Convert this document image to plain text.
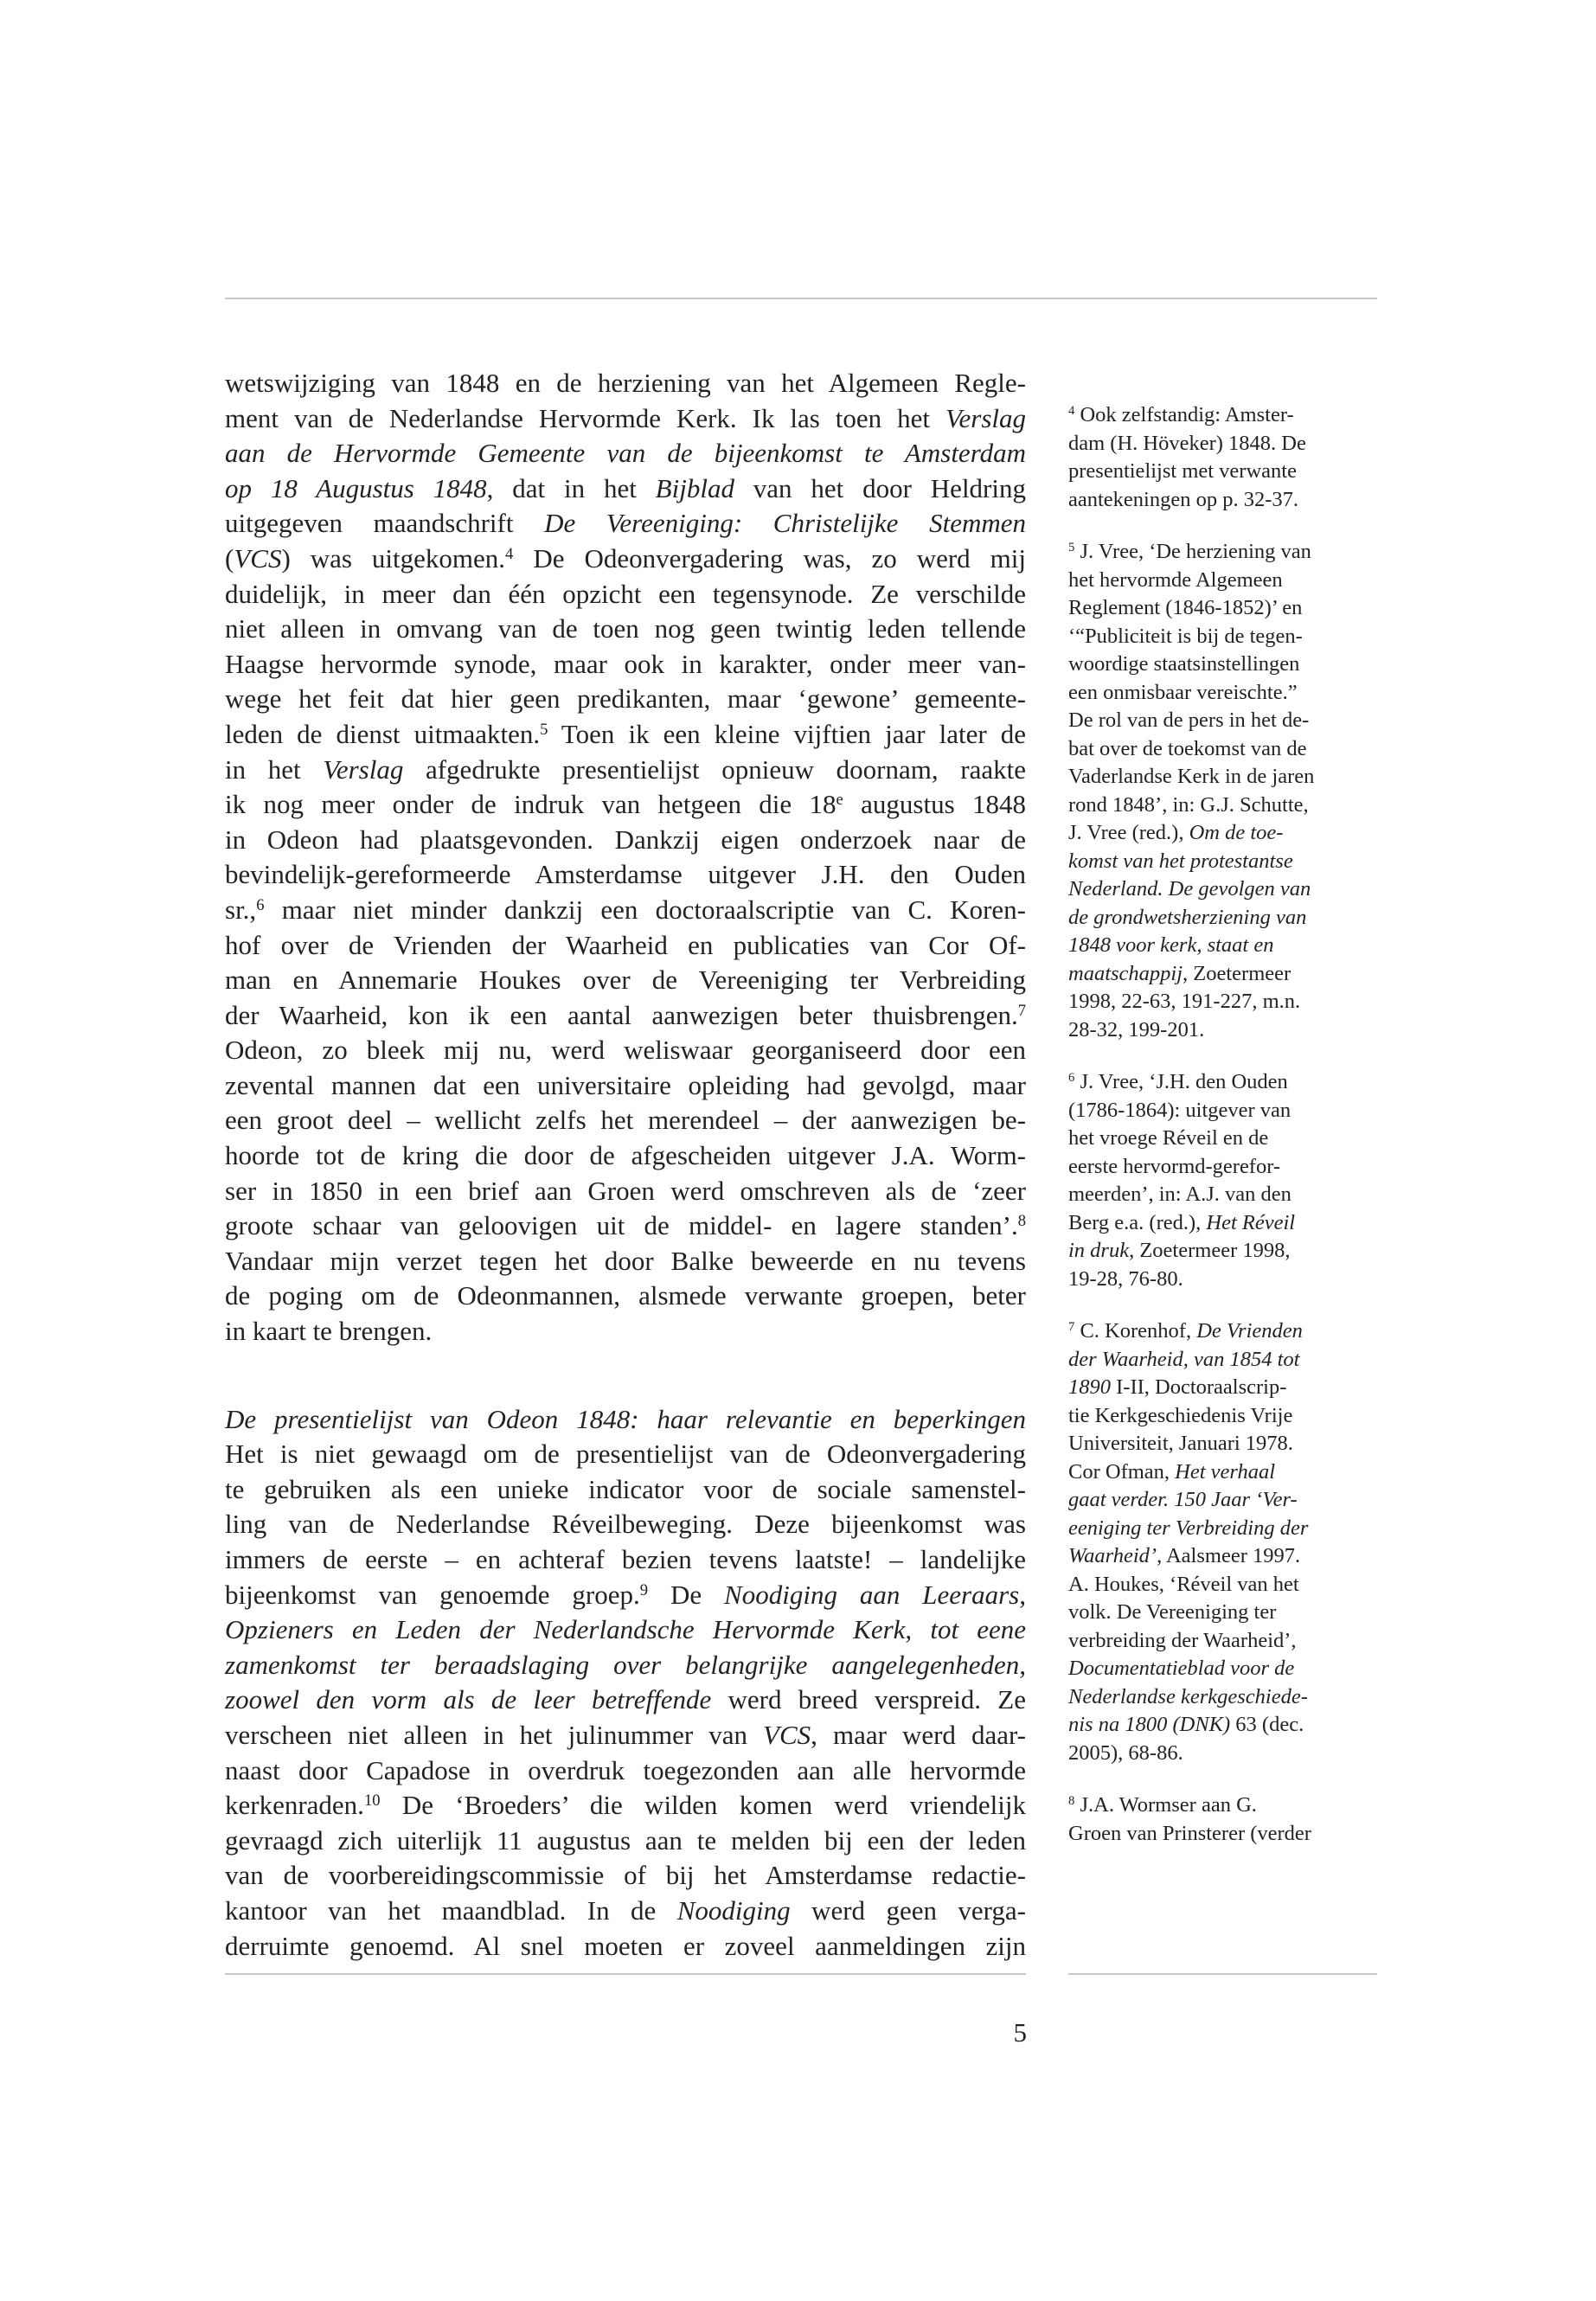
wetswijziging van 1848 en de herziening van het Algemeen Regle-
ment van de Nederlandse Hervormde Kerk. Ik las toen het Verslag
aan de Hervormde Gemeente van de bijeenkomst te Amsterdam
op 18 Augustus 1848, dat in het Bijblad van het door Heldring
uitgegeven maandschrift De Vereeniging: Christelijke Stemmen
(VCS) was uitgekomen.$^4$ De Odeonvergadering was, zo werd mij
duidelijk, in meer dan één opzicht een tegensynode. Ze verschilde
niet alleen in omvang van de toen nog geen twintig leden tellende
Haagse hervormde synode, maar ook in karakter, onder meer van-
wege het feit dat hier geen predikanten, maar ‘gewone’ gemeente-
leden de dienst uitmaakten.$^5$ Toen ik een kleine vijftien jaar later de
in het Verslag afgedrukte presentielijst opnieuw doornam, raakte
ik nog meer onder de indruk van hetgeen die 18e augustus 1848
in Odeon had plaatsgevonden. Dankzij eigen onderzoek naar de
bevindelijk-gereformeerde Amsterdamse uitgever J.H. den Ouden
sr.,$^6$ maar niet minder dankzij een doctoraalscriptie van C. Koren-
hof over de Vrienden der Waarheid en publicaties van Cor Of-
man en Annemarie Houkes over de Vereeniging ter Verbreiding
der Waarheid, kon ik een aantal aanwezigen beter thuisbrengen.$^7$
Odeon, zo bleek mij nu, werd weliswaar georganiseerd door een
zevental mannen dat een universitaire opleiding had gevolgd, maar
een groot deel – wellicht zelfs het merendeel – der aanwezigen be-
hoorde tot de kring die door de afgescheiden uitgever J.A. Worm-
ser in 1850 in een brief aan Groen werd omschreven als de ‘zeer
groote schaar van geloovigen uit de middel- en lagere standen’.$^8$
Vandaar mijn verzet tegen het door Balke beweerde en nu tevens
de poging om de Odeonmannen, alsmede verwante groepen, beter
in kaart te brengen.

De presentielijst van Odeon 1848: haar relevantie en beperkingen
Het is niet gewaagd om de presentielijst van de Odeonvergadering
te gebruiken als een unieke indicator voor de sociale samenstel-
ling van de Nederlandse Réveilbeweging. Deze bijeenkomst was
immers de eerste – en achteraf bezien tevens laatste! – landelijke
bijeenkomst van genoemde groep.$^9$ De Noodiging aan Leeraars,
Opzieners en Leden der Nederlandsche Hervormde Kerk, tot eene
zamenkomst ter beraadslaging over belangrijke aangelegenheden,
zoowel den vorm als de leer betreffende werd breed verspreid. Ze
verscheen niet alleen in het julinummer van VCS, maar werd daar-
naast door Capadose in overdruk toegezonden aan alle hervormde
kerkenraden.$^{10}$ De ‘Broeders’ die wilden komen werd vriendelijk
gevraagd zich uiterlijk 11 augustus aan te melden bij een der leden
van de voorbereidingscommissie of bij het Amsterdamse redactie-
kantoor van het maandblad. In de Noodiging werd geen verga-
derruimte genoemd. Al snel moeten er zoveel aanmeldingen zijn

$^4$ Ook zelfstandig: Amster-
dam (H. Höveker) 1848. De
presentielijst met verwante
aantekeningen op p. 32-37.
$^5$ J. Vree, ‘De herziening van
het hervormde Algemeen
Reglement (1846-1852)’ en
‘“Publiciteit is bij de tegen-
woordige staatsinstellingen
een onmisbaar vereischte.”
De rol van de pers in het de-
bat over de toekomst van de
Vaderlandse Kerk in de jaren
rond 1848’, in: G.J. Schutte,
J. Vree (red.), Om de toe-
komst van het protestantse
Nederland. De gevolgen van
de grondwetsherziening van
1848 voor kerk, staat en
maatschappij, Zoetermeer
1998, 22-63, 191-227, m.n.
28-32, 199-201.
$^6$ J. Vree, ‘J.H. den Ouden
(1786-1864): uitgever van
het vroege Réveil en de
eerste hervormd-gerefor-
meerden’, in: A.J. van den
Berg e.a. (red.), Het Réveil
in druk, Zoetermeer 1998,
19-28, 76-80.
$^7$ C. Korenhof, De Vrienden
der Waarheid, van 1854 tot
1890 I-II, Doctoraalscrip-
tie Kerkgeschiedenis Vrije
Universiteit, Januari 1978.
Cor Ofman, Het verhaal
gaat verder. 150 Jaar ‘Ver-
eeniging ter Verbreiding der
Waarheid’, Aalsmeer 1997.
A. Houkes, ‘Réveil van het
volk. De Vereeniging ter
verbreiding der Waarheid’,
Documentatieblad voor de
Nederlandse kerkgeschiede-
nis na 1800 (DNK) 63 (dec.
2005), 68-86.
$^8$ J.A. Wormser aan G.
Groen van Prinsterer (verder
5
